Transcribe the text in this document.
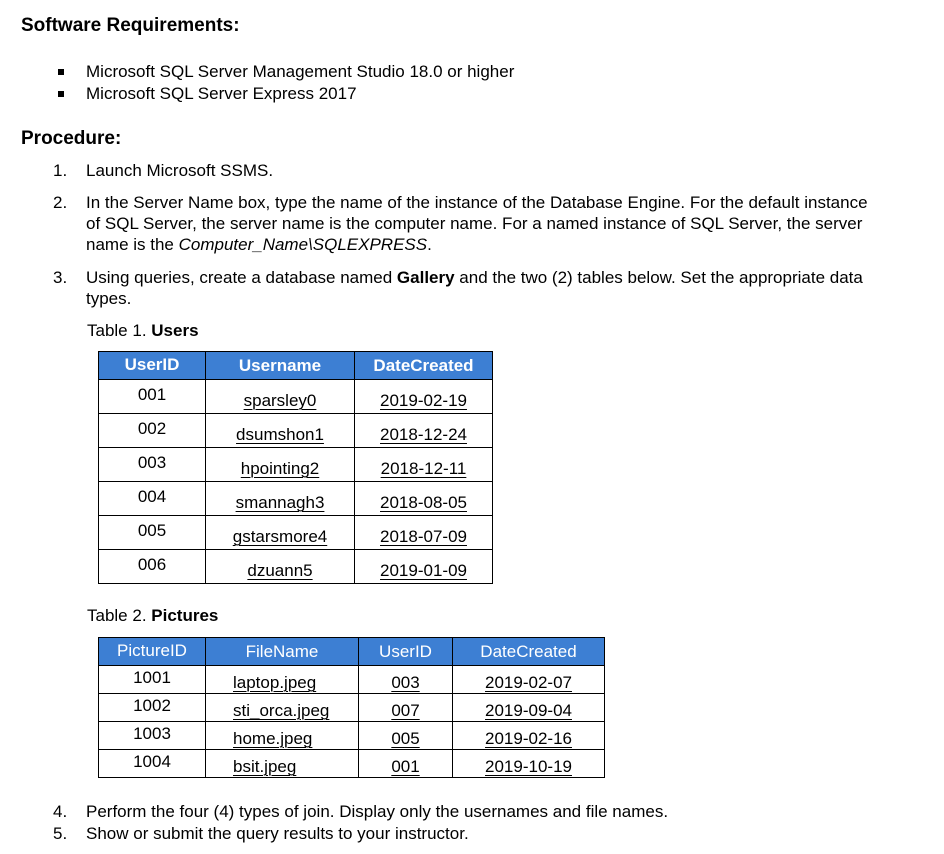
Software Requirements:
Microsoft SQL Server Management Studio 18.0 or higher
Microsoft SQL Server Express 2017
Procedure:
1. Launch Microsoft SSMS.
2. In the Server Name box, type the name of the instance of the Database Engine. For the default instance
of SQL Server, the server name is the computer name. For a named instance of SQL Server, the server
name is the Computer_Name\SQLEXPRESS.
3. Using queries, create a database named Gallery and the two (2) tables below. Set the appropriate data
types.
Table 1. Users
UserID	Username	DateCreated

001	sparsley0	2019-02-19

002	dsumshon1	2018-12-24

003	hpointing2	2018-12-11

004	smannagh3	2018-08-05

005	gstarsmore4	2018-07-09

006	dzuann5	2019-01-09
Table 2. Pictures
PictureID	FileName	UserID	DateCreated

1001	laptop.jpeg	003	2019-02-07

1002	sti_orca.jpeg	007	2019-09-04

1003	home.jpeg	005	2019-02-16

1004	bsit.jpeg	001	2019-10-19
4. Perform the four (4) types of join. Display only the usernames and file names.
5. Show or submit the query results to your instructor.
